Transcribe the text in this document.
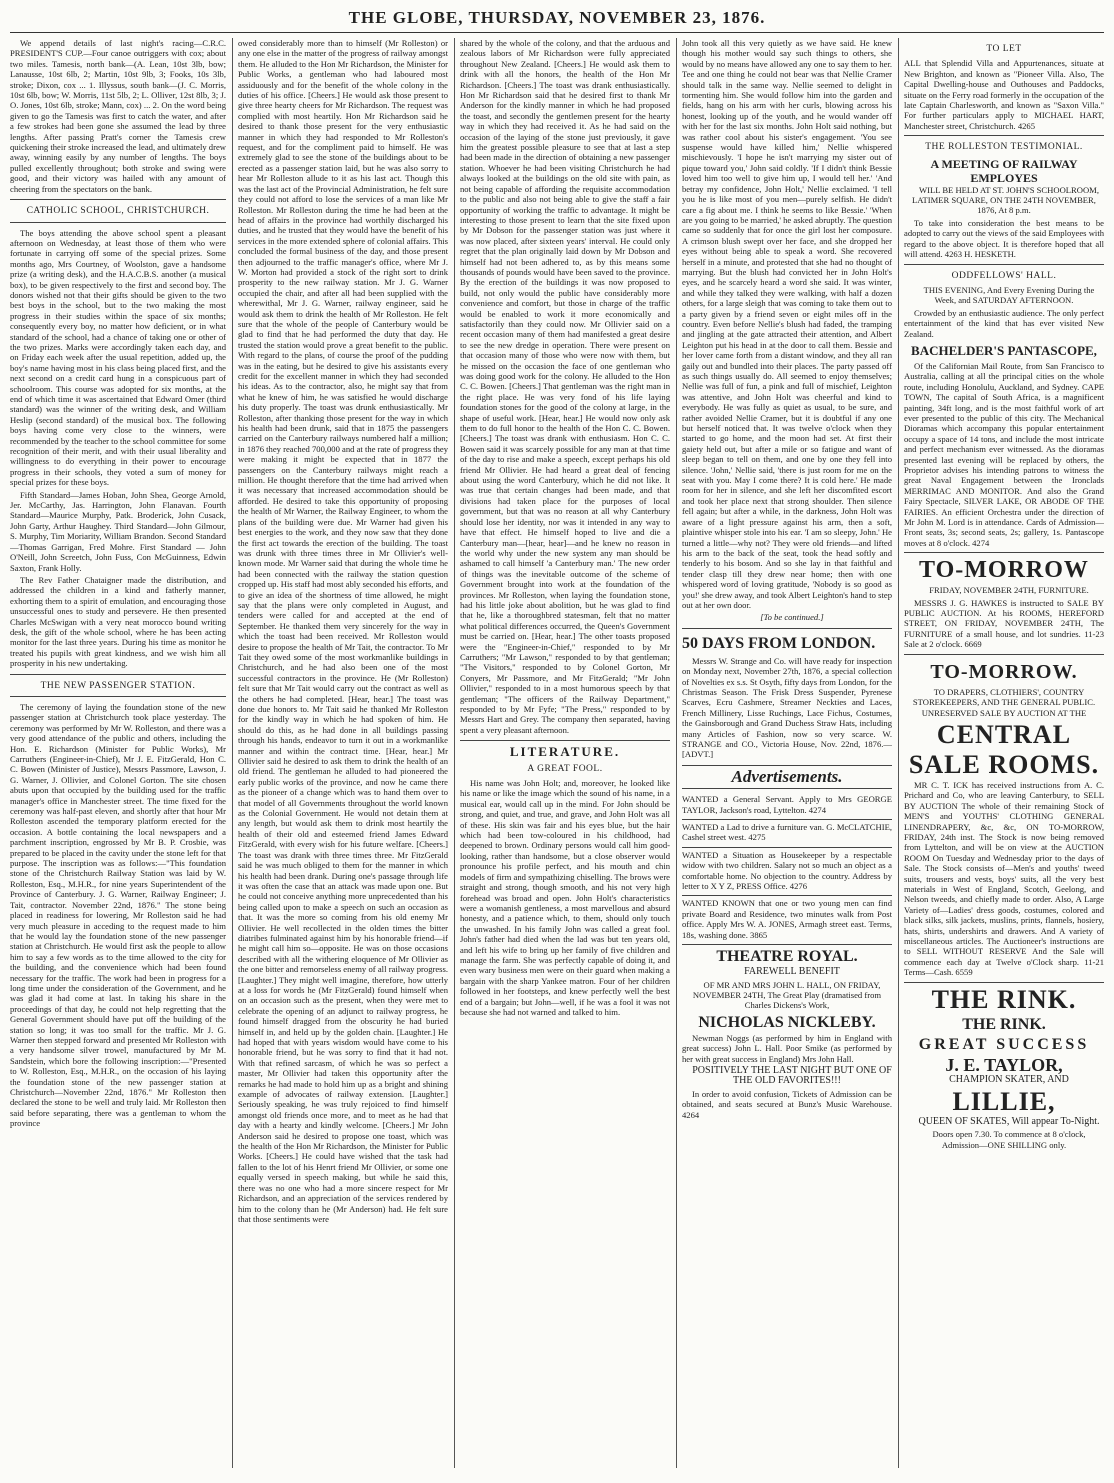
THE GLOBE, THURSDAY, NOVEMBER 23, 1876.

We append details of last night's racing—C.R.C. PRESIDENT'S CUP.—Four canoe outriggers with cox; about two miles. Tamesis, north bank—(A. Lean, 10st 3lb, bow; Lanausse, 10st 6lb, 2; Martin, 10st 9lb, 3; Fooks, 10s 3lb, stroke; Dixon, cox ... 1. Illyssus, south bank—(J. C. Morris, 10st 6lb, bow; W. Morris, 11st 5lb, 2; L. Olliver, 12st 8lb, 3; J. O. Jones, 10st 6lb, stroke; Mann, cox) ... 2. On the word being given to go the Tamesis was first to catch the water, and after a few strokes had been gone she assumed the lead by three lengths. After passing Pratt's corner the Tamesis crew quickening their stroke increased the lead, and ultimately drew away, winning easily by any number of lengths. The boys pulled excellently throughout; both stroke and swing were good, and their victory was hailed with any amount of cheering from the spectators on the bank.

CATHOLIC SCHOOL, CHRISTCHURCH.

The boys attending the above school spent a pleasant afternoon on Wednesday, at least those of them who were fortunate in carrying off some of the special prizes. Some months ago, Mrs Courtney, of Woolston, gave a handsome prize (a writing desk), and the H.A.C.B.S. another (a musical box), to be given respectively to the first and second boy. The donors wished not that their gifts should be given to the two best boys in the school, but to the two making the most progress in their studies within the space of six months; consequently every boy, no matter how deficient, or in what standard of the school, had a chance of taking one or other of the two prizes. Marks were accordingly taken each day, and on Friday each week after the usual repetition, added up, the boy's name having most in his class being placed first, and the next second on a credit card hung in a conspicuous part of schoolroom. This course was adopted for six months, at the end of which time it was ascertained that Edward Omer (third standard) was the winner of the writing desk, and William Heslip (second standard) of the musical box. The following boys having come very close to the winners, were recommended by the teacher to the school committee for some recognition of their merit, and with their usual liberality and willingness to do everything in their power to encourage progress in their schools, they voted a sum of money for special prizes for these boys.

Fifth Standard—James Hoban, John Shea, George Arnold, Jer. McCarthy, Jas. Harrington, John Flanavan. Fourth Standard—Maurice Murphy, Patk. Broderick, John Cusack, John Garty, Arthur Haughey. Third Standard—John Gilmour, S. Murphy, Tim Moriarity, William Brandon. Second Standard—Thomas Garrigan, Fred Mohre. First Standard — John O'Neill, John Screetch, John Fuss, Con McGuinness, Edwin Saxton, Frank Holly.

The Rev Father Chataigner made the distribution, and addressed the children in a kind and fatherly manner, exhorting them to a spirit of emulation, and encouraging those unsuccessful ones to study and persevere. He then presented Charles McSwigan with a very neat morocco bound writing desk, the gift of the whole school, where he has been acting monitor for the last three years. During his time as monitor he treated his pupils with great kindness, and we wish him all prosperity in his new undertaking.

THE NEW PASSENGER STATION.

The ceremony of laying the foundation stone of the new passenger station at Christchurch took place yesterday. The ceremony was performed by Mr W. Rolleston, and there was a very good attendance of the public and others, including the Hon. E. Richardson (Minister for Public Works), Mr Carruthers (Engineer-in-Chief), Mr J. E. FitzGerald, Hon C. C. Bowen (Minister of Justice), Messrs Passmore, Lawson, J. G. Warner, J. Ollivier, and Colonel Gorton. The site chosen abuts upon that occupied by the building used for the traffic manager's office in Manchester street. The time fixed for the ceremony was half-past eleven, and shortly after that hour Mr Rolleston ascended the temporary platform erected for the occasion. A bottle containing the local newspapers and a parchment inscription, engrossed by Mr B. P. Crosbie, was prepared to be placed in the cavity under the stone left for that purpose. The inscription was as follows:—"This foundation stone of the Christchurch Railway Station was laid by W. Rolleston, Esq., M.H.R., for nine years Superintendent of the Province of Canterbury. J. G. Warner, Railway Engineer; J. Tait, contractor. November 22nd, 1876." The stone being placed in readiness for lowering, Mr Rolleston said he had very much pleasure in acceding to the request made to him that he would lay the foundation stone of the new passenger station at Christchurch. He would first ask the people to allow him to say a few words as to the time allowed to the city for the building, and the convenience which had been found necessary for the traffic. The work had been in progress for a long time under the consideration of the Government, and he was glad it had come at last. In taking his share in the proceedings of that day, he could not help regretting that the General Government should have put off the building of the station so long; it was too small for the traffic. Mr J. G. Warner then stepped forward and presented Mr Rolleston with a very handsome silver trowel, manufactured by Mr M. Sandstein, which bore the following inscription:—"Presented to W. Rolleston, Esq., M.H.R., on the occasion of his laying the foundation stone of the new passenger station at Christchurch—November 22nd, 1876." Mr Rolleston then declared the stone to be well and truly laid. Mr Rolleston then said before separating, there was a gentleman to whom the province

owed considerably more than to himself (Mr Rolleston) or any one else in the matter of the progress of railway amongst them. He alluded to the Hon Mr Richardson, the Minister for Public Works, a gentleman who had laboured most assiduously and for the benefit of the whole colony in the duties of his office. [Cheers.] He would ask those present to give three hearty cheers for Mr Richardson. The request was complied with most heartily. Hon Mr Richardson said he desired to thank those present for the very enthusiastic manner in which they had responded to Mr Rolleston's request, and for the compliment paid to himself. He was extremely glad to see the stone of the buildings about to be erected as a passenger station laid, but he was also sorry to hear Mr Rolleston allude to it as his last act. Though this was the last act of the Provincial Administration, he felt sure they could not afford to lose the services of a man like Mr Rolleston. Mr Rolleston during the time he had been at the head of affairs in the province had worthily discharged his duties, and he trusted that they would have the benefit of his services in the more extended sphere of colonial affairs. This concluded the formal business of the day, and those present then adjourned to the traffic manager's office, where Mr J. W. Morton had provided a stock of the right sort to drink prosperity to the new railway station. Mr J. G. Warner occupied the chair, and after all had been supplied with the wherewithal, Mr J. G. Warner, railway engineer, said he would ask them to drink the health of Mr Rolleston. He felt sure that the whole of the people of Canterbury would be glad to find that he had performed the duty that day. He trusted the station would prove a great benefit to the public. With regard to the plans, of course the proof of the pudding was in the eating, but he desired to give his assistants every credit for the excellent manner in which they had seconded his ideas. As to the contractor, also, he might say that from what he knew of him, he was satisfied he would discharge his duty properly. The toast was drunk enthusiastically. Mr Rolleston, after thanking those present for the way in which his health had been drunk, said that in 1875 the passengers carried on the Canterbury railways numbered half a million; in 1876 they reached 700,000 and at the rate of progress they were making it might be expected that in 1877 the passengers on the Canterbury railways might reach a million. He thought therefore that the time had arrived when it was necessary that increased accommodation should be afforded. He desired to take this opportunity of proposing the health of Mr Warner, the Railway Engineer, to whom the plans of the building were due. Mr Warner had given his best energies to the work, and they now saw that they done the first act towards the erection of the building. The toast was drunk with three times three in Mr Ollivier's well-known mode. Mr Warner said that during the whole time he had been connected with the railway the station question cropped up. His staff had most ably seconded his efforts, and to give an idea of the shortness of time allowed, he might say that the plans were only completed in August, and tenders were called for and accepted at the end of September. He thanked them very sincerely for the way in which the toast had been received. Mr Rolleston would desire to propose the health of Mr Tait, the contractor. To Mr Tait they owed some of the most workmanlike buildings in Christchurch, and he had also been one of the most successful contractors in the province. He (Mr Rolleston) felt sure that Mr Tait would carry out the contract as well as the others he had completed. [Hear, hear.] The toast was done due honors to. Mr Tait said he thanked Mr Rolleston for the kindly way in which he had spoken of him. He should do this, as he had done in all buildings passing through his hands, endeavor to turn it out in a workmanlike manner and within the contract time. [Hear, hear.] Mr Ollivier said he desired to ask them to drink the health of an old friend. The gentleman he alluded to had pioneered the early public works of the province, and now he came there as the pioneer of a change which was to hand them over to that model of all Governments throughout the world known as the Colonial Government. He would not detain them at any length, but would ask them to drink most heartily the health of their old and esteemed friend James Edward FitzGerald, with every wish for his future welfare. [Cheers.] The toast was drank with three times three. Mr FitzGerald said he was much obliged to them for the manner in which his health had been drank. During one's passage through life it was often the case that an attack was made upon one. But he could not conceive anything more unprecedented than his being called upon to make a speech on such an occasion as that. It was the more so coming from his old enemy Mr Ollivier. He well recollected in the olden times the bitter diatribes fulminated against him by his honorable friend—if he might call him so—opposite. He was on those occasions described with all the withering eloquence of Mr Ollivier as the one bitter and remorseless enemy of all railway progress. [Laughter.] They might well imagine, therefore, how utterly at a loss for words he (Mr FitzGerald) found himself when on an occasion such as the present, when they were met to celebrate the opening of an adjunct to railway progress, he found himself dragged from the obscurity he had buried himself in, and held up by the golden chain. [Laughter.] He had hoped that with years wisdom would have come to his honorable friend, but he was sorry to find that it had not. With that refined sarcasm, of which he was so perfect a master, Mr Ollivier had taken this opportunity after the remarks he had made to hold him up as a bright and shining example of advocates of railway extension. [Laughter.] Seriously speaking, he was truly rejoiced to find himself amongst old friends once more, and to meet as he had that day with a hearty and kindly welcome. [Cheers.] Mr John Anderson said he desired to propose one toast, which was the health of the Hon Mr Richardson, the Minister for Public Works. [Cheers.] He could have wished that the task had fallen to the lot of his Henrt friend Mr Ollivier, or some one equally versed in speech making, but while he said this, there was no one who had a more sincere respect for Mr Richardson, and an appreciation of the services rendered by him to the colony than he (Mr Anderson) had. He felt sure that those sentiments were

shared by the whole of the colony, and that the arduous and zealous labors of Mr Richardson were fully appreciated throughout New Zealand. [Cheers.] He would ask them to drink with all the honors, the health of the Hon Mr Richardson. [Cheers.] The toast was drank enthusiastically. Hon Mr Richardson said that he desired first to thank Mr Anderson for the kindly manner in which he had proposed the toast, and secondly the gentlemen present for the hearty way in which they had received it. As he had said on the occasion of the laying of the stone just previously, it gave him the greatest possible pleasure to see that at last a step had been made in the direction of obtaining a new passenger station. Whoever he had been visiting Christchurch he had always looked at the buildings on the old site with pain, as not being capable of affording the requisite accommodation to the public and also not being able to give the staff a fair opportunity of working the traffic to advantage. It might be interesting to those present to learn that the site fixed upon by Mr Dobson for the passenger station was just where it was now placed, after sixteen years' interval. He could only regret that the plan originally laid down by Mr Dobson and himself had not been adhered to, as by this means some thousands of pounds would have been saved to the province. By the erection of the buildings it was now proposed to build, not only would the public have considerably more convenience and comfort, but those in charge of the traffic would be enabled to work it more economically and satisfactorily than they could now. Mr Ollivier said on a recent occasion many of them had manifested a great desire to see the new dredge in operation. There were present on that occasion many of those who were now with them, but he missed on the occasion the face of one gentleman who was doing good work for the colony. He alluded to the Hon C. C. Bowen. [Cheers.] That gentleman was the right man in the right place. He was very fond of his life laying foundation stones for the good of the colony at large, in the shape of useful work. [Hear, hear.] He would now only ask them to do full honor to the health of the Hon C. C. Bowen. [Cheers.] The toast was drank with enthusiasm. Hon C. C. Bowen said it was scarcely possible for any man at that time of the day to rise and make a speech, except perhaps his old friend Mr Ollivier. He had heard a great deal of fencing about using the word Canterbury, which he did not like. It was true that certain changes had been made, and that divisions had taken place for the purposes of local government, but that was no reason at all why Canterbury should lose her identity, nor was it intended in any way to have that effect. He himself hoped to live and die a Canterbury man—[hear, hear]—and he knew no reason in the world why under the new system any man should be ashamed to call himself 'a Canterbury man.' The new order of things was the inevitable outcome of the scheme of Government brought into work at the foundation of the provinces. Mr Rolleston, when laying the foundation stone, had his little joke about abolition, but he was glad to find that he, like a thoroughbred statesman, felt that no matter what political differences occurred, the Queen's Government must be carried on. [Hear, hear.] The other toasts proposed were the "Engineer-in-Chief," responded to by Mr Carruthers; "Mr Lawson," responded to by that gentleman; "The Visitors," responded to by Colonel Gorton, Mr Conyers, Mr Passmore, and Mr FitzGerald; "Mr John Ollivier," responded to in a most humorous speech by that gentleman; "The officers of the Railway Department," responded to by Mr Fyfe; "The Press," responded to by Messrs Hart and Grey. The company then separated, having spent a very pleasant afternoon.

LITERATURE.
A GREAT FOOL.

His name was John Holt; and, moreover, he looked like his name or like the image which the sound of his name, in a musical ear, would call up in the mind. For John should be strong, and quiet, and true, and grave, and John Holt was all of these. His skin was fair and his eyes blue, but the hair which had been tow-coloured in his childhood, had deepened to brown. Ordinary persons would call him good-looking, rather than handsome, but a close observer would pronounce his profile perfect, and his mouth and chin models of firm and sympathizing chiselling. The brows were straight and strong, though smooth, and his not very high forehead was broad and open. John Holt's characteristics were a womanish gentleness, a most marvellous and absurd honesty, and a patience which, to them, should only touch the unwashed. In his family John was called a great fool. John's father had died when the lad was but ten years old, and left his wife to bring up her family of five children and manage the farm. She was perfectly capable of doing it, and even wary business men were on their guard when making a bargain with the sharp Yankee matron. Four of her children followed in her footsteps, and knew perfectly well the best end of a bargain; but John—well, if he was a fool it was not because she had not warned and talked to him.

John took all this very quietly as we have said. He knew though his mother would say such things to others, she would by no means have allowed any one to say them to her. Tee and one thing he could not bear was that Nellie Cramer should talk in the same way. Nellie seemed to delight in tormenting him. She would follow him into the garden and fields, hang on his arm with her curls, blowing across his honest, looking up of the youth, and he would wander off with her for the last six months. John Holt said nothing, but was rather cool about his sister's engagement. 'You see suspense would have killed him,' Nellie whispered mischievously. 'I hope he isn't marrying my sister out of pique toward you,' John said coldly. 'If I didn't think Bessie loved him too well to give him up, I would tell her.' 'And betray my confidence, John Holt,' Nellie exclaimed. 'I tell you he is like most of you men—purely selfish. He didn't care a fig about me. I think he seems to like Bessie.' 'When are you going to be married,' he asked abruptly. The question came so suddenly that for once the girl lost her composure. A crimson blush swept over her face, and she dropped her eyes without being able to speak a word. She recovered herself in a minute, and protested that she had no thought of marrying. But the blush had convicted her in John Holt's eyes, and he scarcely heard a word she said. It was winter, and while they talked they were walking, with half a dozen others, for a large sleigh that was coming to take them out to a party given by a friend seven or eight miles off in the country. Even before Nellie's blush had faded, the tramping and jingling at the gate attracted their attention, and Albert Leighton put his head in at the door to call them. Bessie and her lover came forth from a distant window, and they all ran gaily out and bundled into their places. The party passed off as such things usually do. All seemed to enjoy themselves; Nellie was full of fun, a pink and full of mischief, Leighton was attentive, and John Holt was cheerful and kind to everybody. He was fully as quiet as usual, to be sure, and rather avoided Nellie Cramer, but it is doubtful if any one but herself noticed that. It was twelve o'clock when they started to go home, and the moon had set. At first their gaiety held out, but after a mile or so fatigue and want of sleep began to tell on them, and one by one they fell into silence. 'John,' Nellie said, 'there is just room for me on the seat with you. May I come there? It is cold here.' He made room for her in silence, and she left her discomfited escort and took her place next that strong shoulder. Then silence fell again; but after a while, in the darkness, John Holt was aware of a light pressure against his arm, then a soft, plaintive whisper stole into his ear. 'I am so sleepy, John.' He turned a little—why not? They were old friends—and lifted his arm to the back of the seat, took the head softly and tenderly to his bosom. And so she lay in that faithful and tender clasp till they drew near home; then with one whispered word of loving gratitude, 'Nobody is so good as you!' she drew away, and took Albert Leighton's hand to step out at her own door.

[To be continued.]

50 DAYS FROM LONDON.

Messrs W. Strange and Co. will have ready for inspection on Monday next, November 27th, 1876, a special collection of Novelties ex s.s. St Osyth, fifty days from London, for the Christmas Season. The Frisk Dress Suspender, Pyrenese Scarves, Ecru Cashmere, Streamer Neckties and Laces, French Millinery, Lisse Ruchings, Lace Fichus, Costumes, the Gainsborough and Grand Duchess Straw Hats, including many Articles of Fashion, now so very scarce. W. STRANGE and CO., Victoria House, Nov. 22nd, 1876.—[ADVT.]

Advertisements.

WANTED a General Servant. Apply to Mrs GEORGE TAYLOR, Jackson's road, Lyttelton. 4274

WANTED a Lad to drive a furniture van. G. McCLATCHIE, Cashel street west. 4275

WANTED a Situation as Housekeeper by a respectable widow with two children. Salary not so much an object as a comfortable home. No objection to the country. Address by letter to X Y Z, PRESS Office. 4276

WANTED KNOWN that one or two young men can find private Board and Residence, two minutes walk from Post office. Apply Mrs W. A. JONES, Armagh street east. Terms, 18s, washing done. 3865

THEATRE ROYAL.

FAREWELL BENEFIT

OF MR AND MRS JOHN L. HALL, ON FRIDAY, NOVEMBER 24TH, The Great Play (dramatised from Charles Dickens's Work,

NICHOLAS NICKLEBY.

Newman Noggs (as performed by him in England with great success) John L. Hall. Poor Smike (as performed by her with great success in England) Mrs John Hall.

POSITIVELY THE LAST NIGHT BUT ONE OF THE OLD FAVORITES!!!

In order to avoid confusion, Tickets of Admission can be obtained, and seats secured at Bunz's Music Warehouse. 4264

TO LET

ALL that Splendid Villa and Appurtenances, situate at New Brighton, and known as "Pioneer Villa. Also, The Capital Dwelling-house and Outhouses and Paddocks, situate on the Ferry road formerly in the occupation of the late Captain Charlesworth, and known as "Saxon Villa." For further particulars apply to MICHAEL HART, Manchester street, Christchurch. 4265

THE ROLLESTON TESTIMONIAL.
A MEETING OF RAILWAY EMPLOYES

WILL BE HELD AT ST. JOHN'S SCHOOLROOM, LATIMER SQUARE, ON THE 24TH NOVEMBER, 1876, At 8 p.m.

To take into consideration the best means to be adopted to carry out the views of the said Employees with regard to the above object. It is therefore hoped that all will attend. 4263 H. HESKETH.

ODDFELLOWS' HALL.

THIS EVENING, And Every Evening During the Week, and SATURDAY AFTERNOON.

Crowded by an enthusiastic audience. The only perfect entertainment of the kind that has ever visited New Zealand.

BACHELDER'S PANTASCOPE,

Of the Californian Mail Route, from San Francisco to Australia, calling at all the principal cities on the whole route, including Honolulu, Auckland, and Sydney. CAPE TOWN, The capital of South Africa, is a magnificent painting, 34ft long, and is the most faithful work of art ever presented to the public of this city. The Mechanical Dioramas which accompany this popular entertainment occupy a space of 14 tons, and include the most intricate and perfect mechanism ever witnessed. As the dioramas presented last evening will be replaced by others, the Proprietor advises his intending patrons to witness the great Naval Engagement between the Ironclads MERRIMAC AND MONITOR. And also the Grand Fairy Spectacle, SILVER LAKE, OR ABODE OF THE FAIRIES. An efficient Orchestra under the direction of Mr John M. Lord is in attendance. Cards of Admission—Front seats, 3s; second seats, 2s; gallery, 1s. Pantascope moves at 8 o'clock. 4274

TO-MORROW

FRIDAY, NOVEMBER 24TH, FURNITURE.

MESSRS J. G. HAWKES is instructed to SALE BY PUBLIC AUCTION. At his ROOMS, HEREFORD STREET, ON FRIDAY, NOVEMBER 24TH, The FURNITURE of a small house, and lot sundries. 11-23 Sale at 2 o'clock. 6669

TO-MORROW.

TO DRAPERS, CLOTHIERS', COUNTRY STOREKEEPERS, AND THE GENERAL PUBLIC. UNRESERVED SALE BY AUCTION AT THE

CENTRAL SALE ROOMS.

MR C. T. ICK has received instructions from A. C. Prichard and Co, who are leaving Canterbury, to SELL BY AUCTION The whole of their remaining Stock of MEN'S and YOUTHS' CLOTHING GENERAL LINENDRAPERY, &c, &c, ON TO-MORROW, FRIDAY, 24th inst. The Stock is now being removed from Lyttelton, and will be on view at the AUCTION ROOM On Tuesday and Wednesday prior to the days of Sale. The Stock consists of—Men's and youths' tweed suits, trousers and vests, boys' suits, all the very best materials in West of England, Scotch, Geelong, and Nelson tweeds, and chiefly made to order. Also, A Large Variety of—Ladies' dress goods, costumes, colored and black silks, silk jackets, muslins, prints, flannels, hosiery, hats, shirts, undershirts and drawers. And A variety of miscellaneous articles. The Auctioneer's instructions are to SELL WITHOUT RESERVE And the Sale will commence each day at Twelve o'Clock sharp. 11-21 Terms—Cash. 6559

THE RINK.
THE RINK.
GREAT SUCCESS
J. E. TAYLOR,

CHAMPION SKATER, AND

LILLIE,

QUEEN OF SKATES, Will appear To-Night.

Doors open 7.30. To commence at 8 o'clock, Admission—ONE SHILLING only.
